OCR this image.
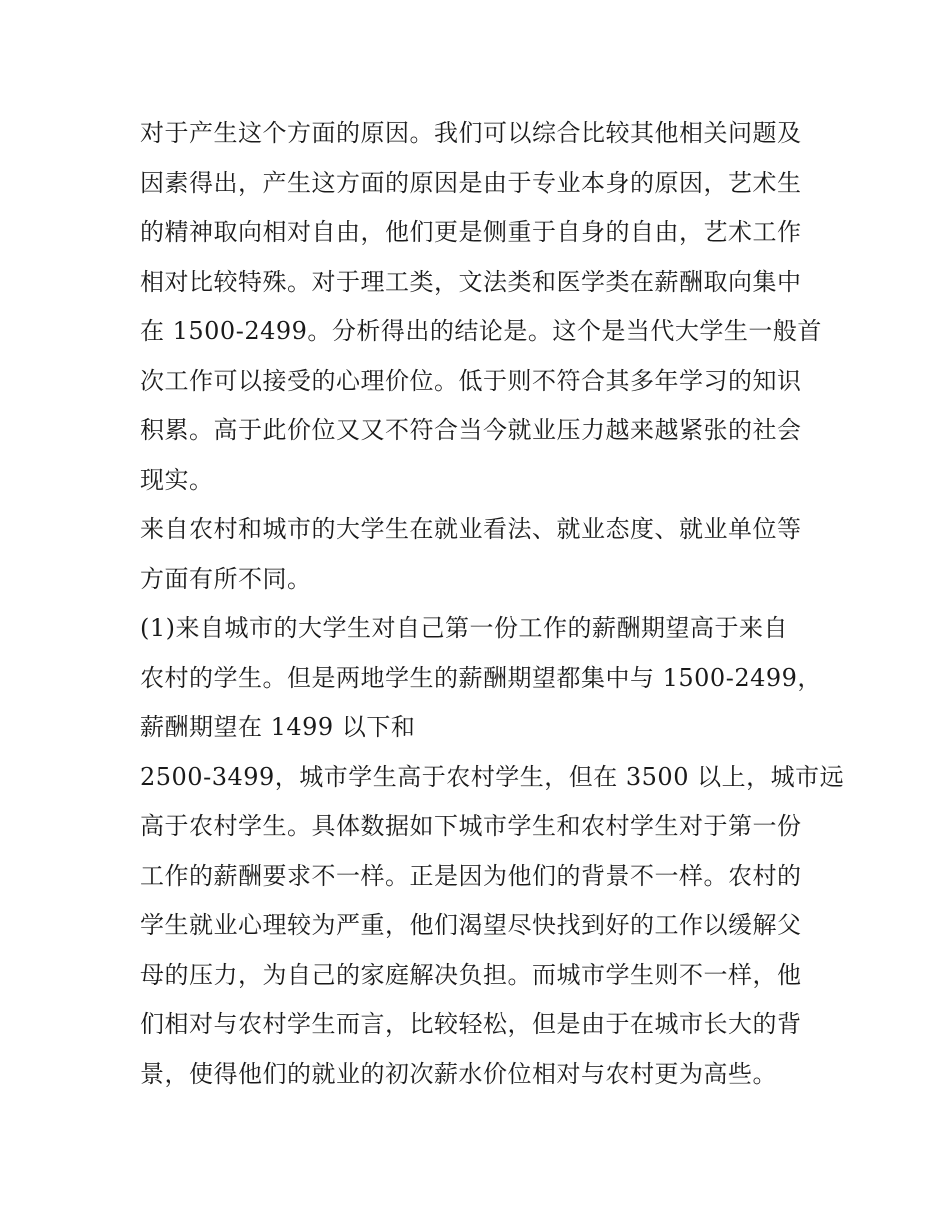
对于产生这个方面的原因。我们可以综合比较其他相关问题及
因素得出，产生这方面的原因是由于专业本身的原因，艺术生
的精神取向相对自由，他们更是侧重于自身的自由，艺术工作
相对比较特殊。对于理工类，文法类和医学类在薪酬取向集中
在 1500-2499。分析得出的结论是。这个是当代大学生一般首
次工作可以接受的心理价位。低于则不符合其多年学习的知识
积累。高于此价位又又不符合当今就业压力越来越紧张的社会
现实。
来自农村和城市的大学生在就业看法、就业态度、就业单位等
方面有所不同。
(1)来自城市的大学生对自己第一份工作的薪酬期望高于来自
农村的学生。但是两地学生的薪酬期望都集中与 1500-2499，
薪酬期望在 1499 以下和
2500-3499，城市学生高于农村学生，但在 3500 以上，城市远
高于农村学生。具体数据如下城市学生和农村学生对于第一份
工作的薪酬要求不一样。正是因为他们的背景不一样。农村的
学生就业心理较为严重，他们渴望尽快找到好的工作以缓解父
母的压力，为自己的家庭解决负担。而城市学生则不一样，他
们相对与农村学生而言，比较轻松，但是由于在城市长大的背
景，使得他们的就业的初次薪水价位相对与农村更为高些。
